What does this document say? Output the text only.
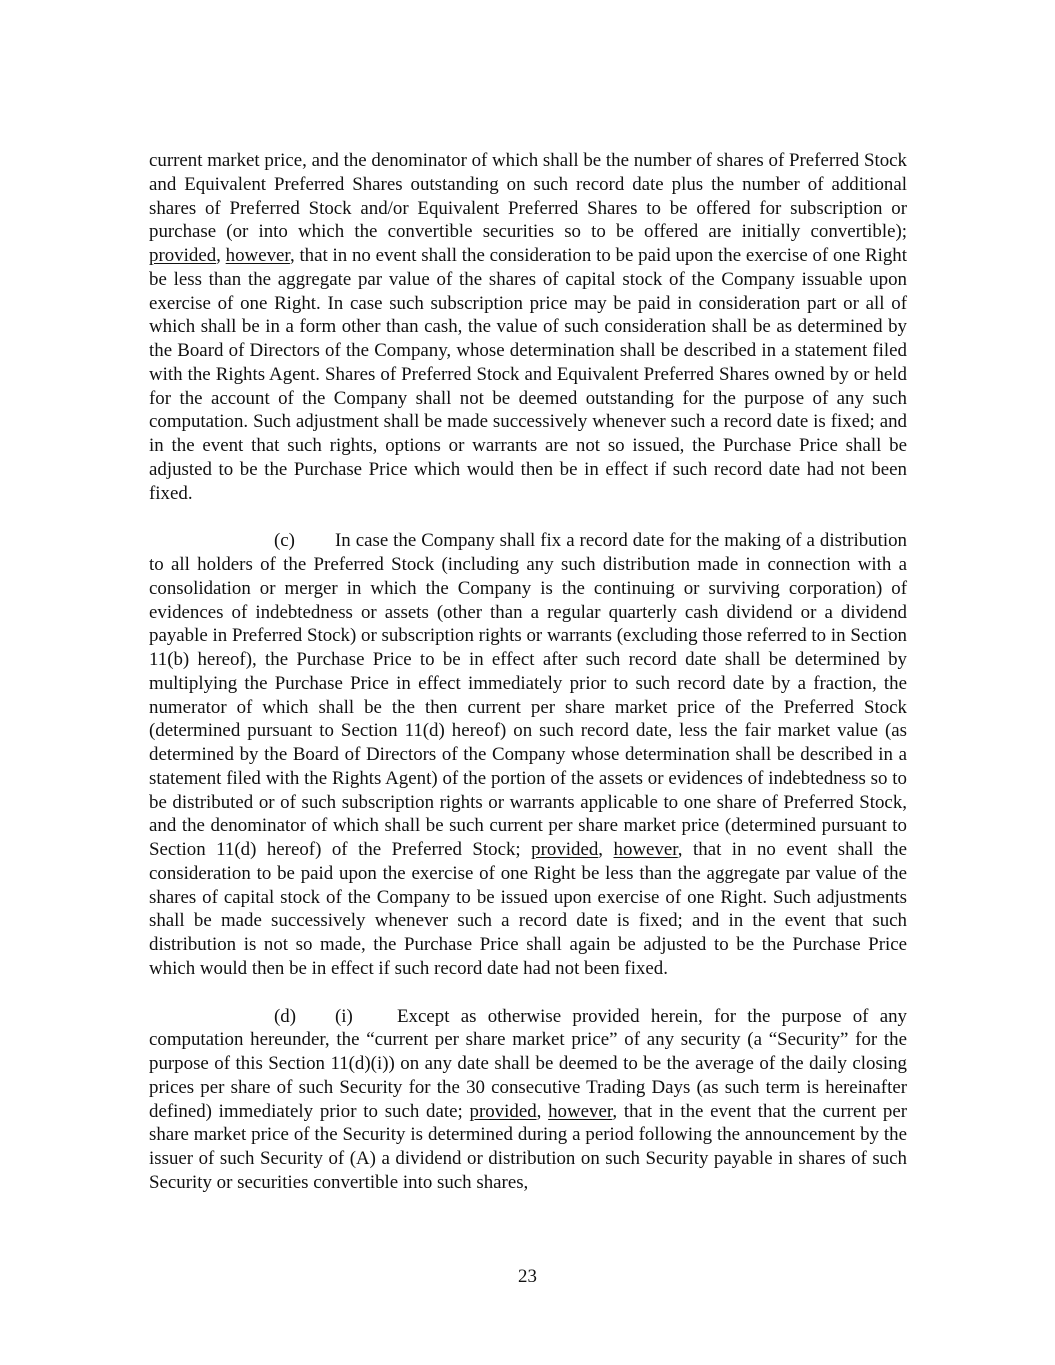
current market price, and the denominator of which shall be the number of shares of Preferred Stock and Equivalent Preferred Shares outstanding on such record date plus the number of additional shares of Preferred Stock and/or Equivalent Preferred Shares to be offered for subscription or purchase (or into which the convertible securities so to be offered are initially convertible); provided, however, that in no event shall the consideration to be paid upon the exercise of one Right be less than the aggregate par value of the shares of capital stock of the Company issuable upon exercise of one Right. In case such subscription price may be paid in consideration part or all of which shall be in a form other than cash, the value of such consideration shall be as determined by the Board of Directors of the Company, whose determination shall be described in a statement filed with the Rights Agent. Shares of Preferred Stock and Equivalent Preferred Shares owned by or held for the account of the Company shall not be deemed outstanding for the purpose of any such computation. Such adjustment shall be made successively whenever such a record date is fixed; and in the event that such rights, options or warrants are not so issued, the Purchase Price shall be adjusted to be the Purchase Price which would then be in effect if such record date had not been fixed.

(c) In case the Company shall fix a record date for the making of a distribution to all holders of the Preferred Stock (including any such distribution made in connection with a consolidation or merger in which the Company is the continuing or surviving corporation) of evidences of indebtedness or assets (other than a regular quarterly cash dividend or a dividend payable in Preferred Stock) or subscription rights or warrants (excluding those referred to in Section 11(b) hereof), the Purchase Price to be in effect after such record date shall be determined by multiplying the Purchase Price in effect immediately prior to such record date by a fraction, the numerator of which shall be the then current per share market price of the Preferred Stock (determined pursuant to Section 11(d) hereof) on such record date, less the fair market value (as determined by the Board of Directors of the Company whose determination shall be described in a statement filed with the Rights Agent) of the portion of the assets or evidences of indebtedness so to be distributed or of such subscription rights or warrants applicable to one share of Preferred Stock, and the denominator of which shall be such current per share market price (determined pursuant to Section 11(d) hereof) of the Preferred Stock; provided, however, that in no event shall the consideration to be paid upon the exercise of one Right be less than the aggregate par value of the shares of capital stock of the Company to be issued upon exercise of one Right. Such adjustments shall be made successively whenever such a record date is fixed; and in the event that such distribution is not so made, the Purchase Price shall again be adjusted to be the Purchase Price which would then be in effect if such record date had not been fixed.

(d) (i) Except as otherwise provided herein, for the purpose of any computation hereunder, the “current per share market price” of any security (a “Security” for the purpose of this Section 11(d)(i)) on any date shall be deemed to be the average of the daily closing prices per share of such Security for the 30 consecutive Trading Days (as such term is hereinafter defined) immediately prior to such date; provided, however, that in the event that the current per share market price of the Security is determined during a period following the announcement by the issuer of such Security of (A) a dividend or distribution on such Security payable in shares of such Security or securities convertible into such shares,

23
